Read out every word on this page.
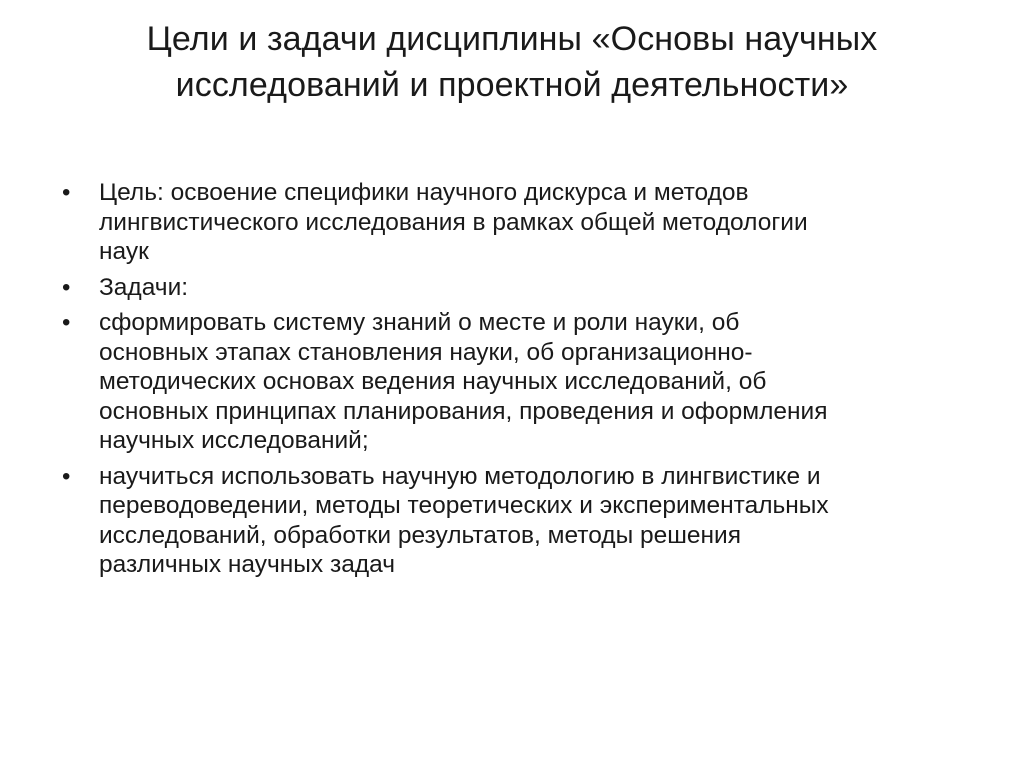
Цели и задачи дисциплины «Основы научных
исследований и проектной деятельности»
•	Цель: освоение специфики научного дискурса и методов
лингвистического исследования в рамках общей методологии
наук
•	Задачи:
•	сформировать систему знаний о месте и роли науки, об
основных этапах становления науки, об организационно-
методических основах ведения научных исследований, об
основных принципах планирования, проведения и оформления
научных исследований;
•	научиться использовать научную методологию в лингвистике и
переводоведении, методы теоретических и экспериментальных
исследований, обработки результатов, методы решения
различных научных задач
